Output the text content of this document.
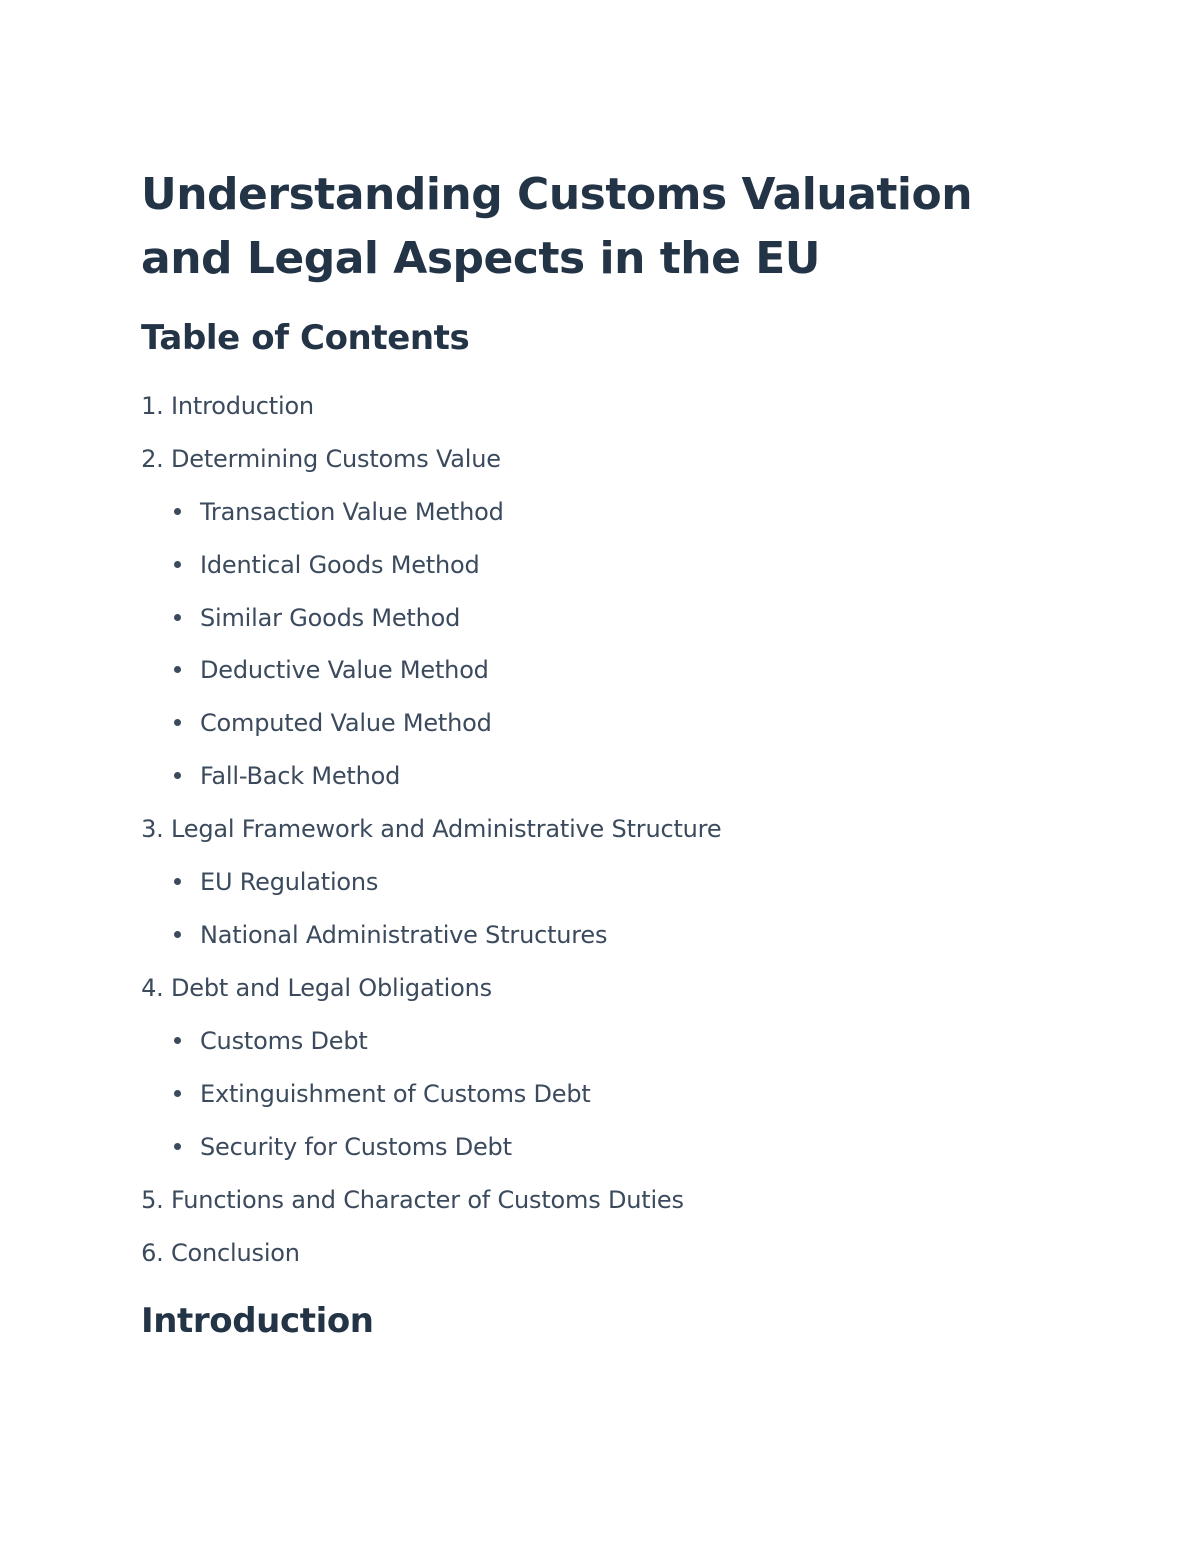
Understanding Customs Valuation and Legal Aspects in the EU
Table of Contents
1. Introduction
2. Determining Customs Value
Transaction Value Method
Identical Goods Method
Similar Goods Method
Deductive Value Method
Computed Value Method
Fall-Back Method
3. Legal Framework and Administrative Structure
EU Regulations
National Administrative Structures
4. Debt and Legal Obligations
Customs Debt
Extinguishment of Customs Debt
Security for Customs Debt
5. Functions and Character of Customs Duties
6. Conclusion
Introduction
